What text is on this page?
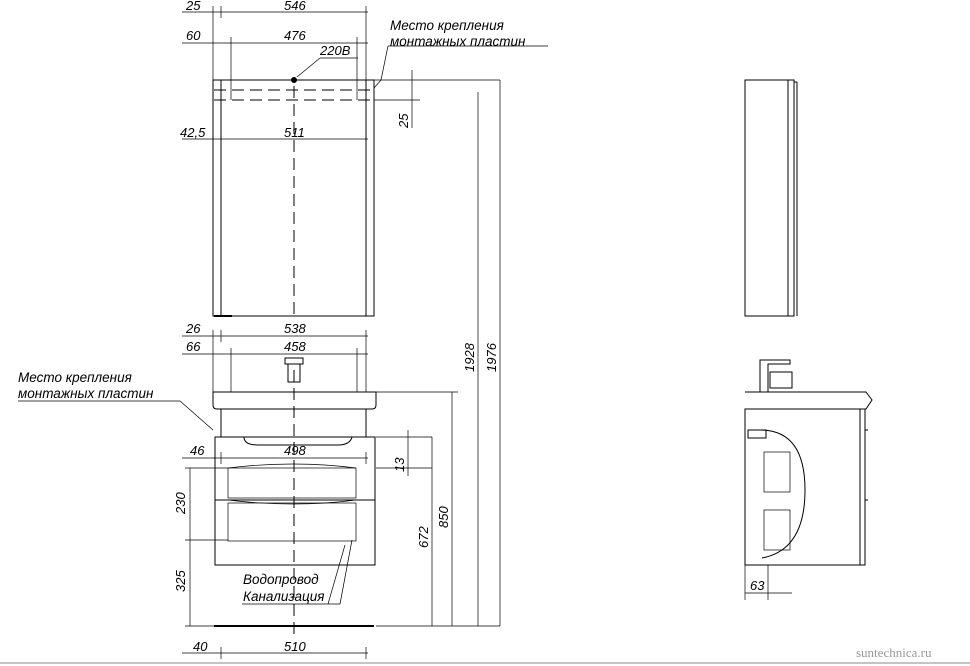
25	546
60	476
220В
42,5	511
25
26	538
66	458
46	498
13
230
325
672
850
1928 1976
40	510
63
Место крепления
монтажных пластин
Место крепления
монтажных пластин
Водопровод
Канализация
suntechnica.ru
